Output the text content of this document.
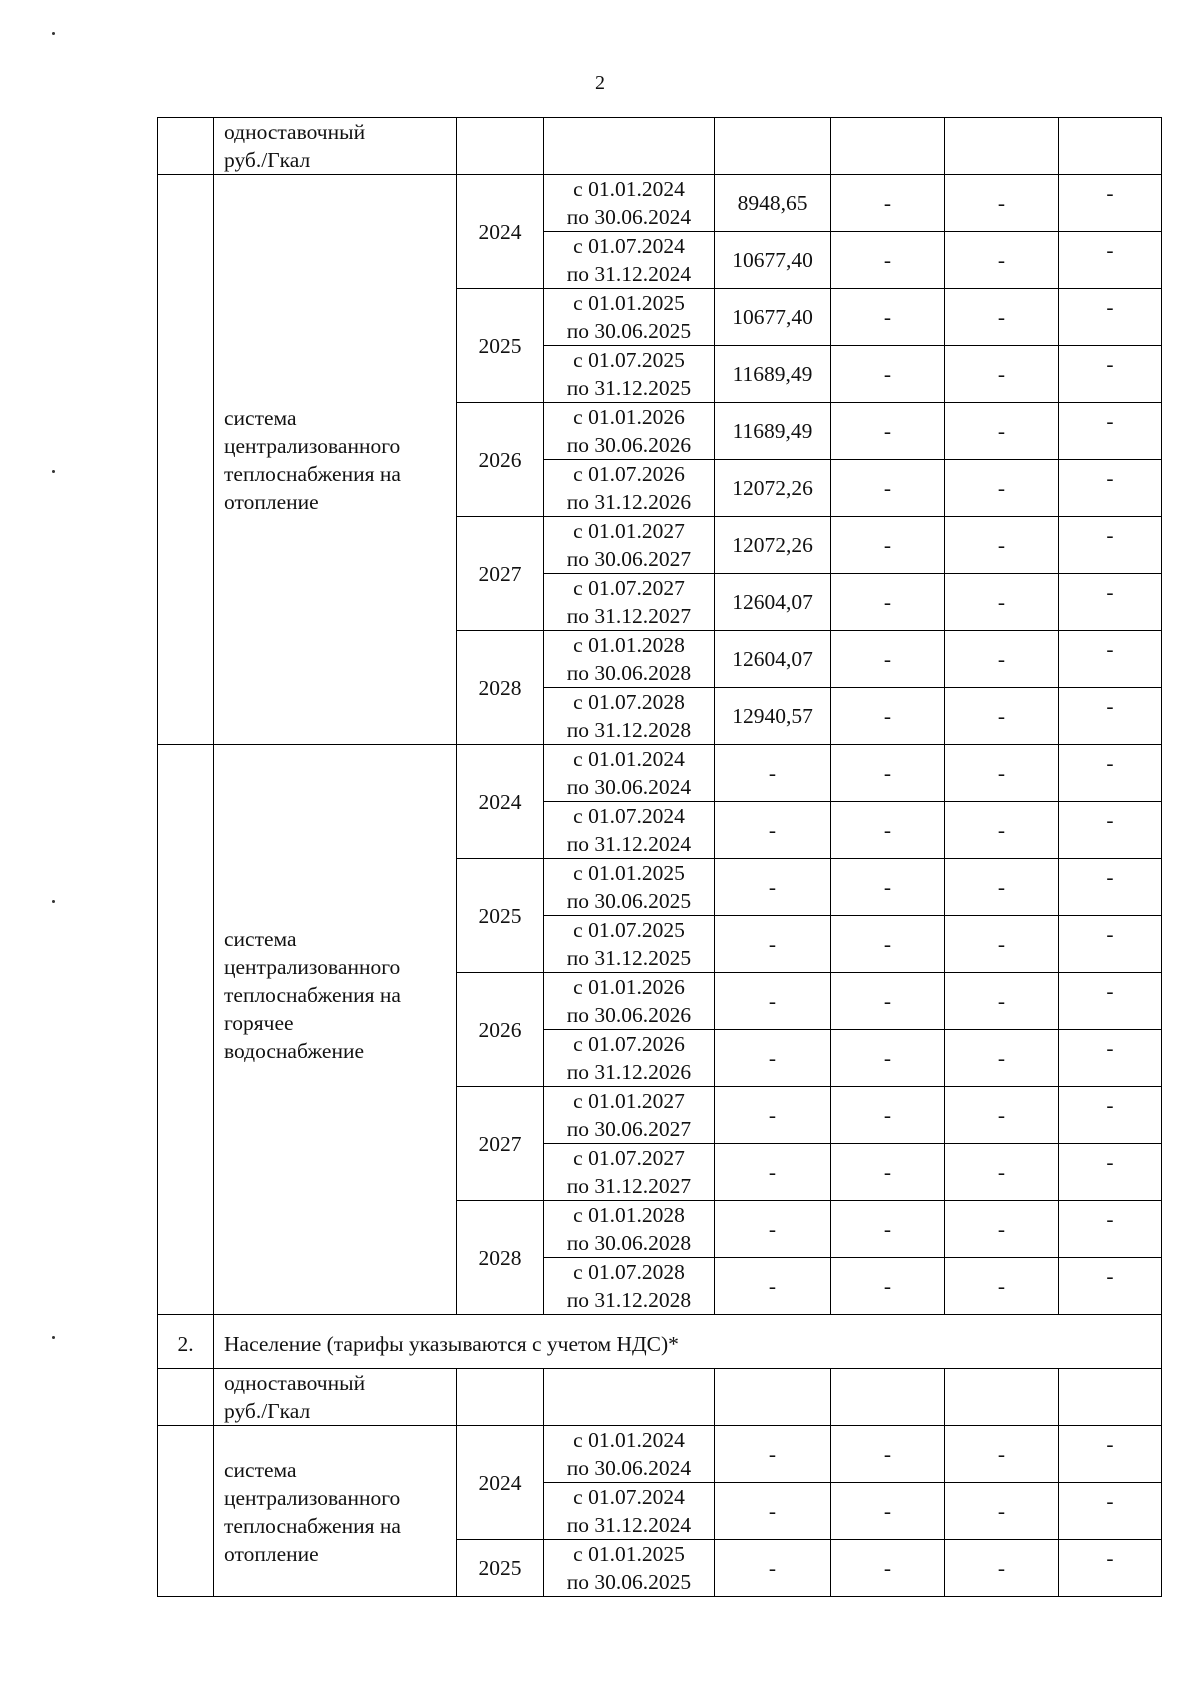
2
	одноставочный
руб./Гкал						
	система
централизованного
теплоснабжения на
отопление	2024	с 01.01.2024
по 30.06.2024	8948,65	-	-	-

			с 01.07.2024
по 31.12.2024	10677,40	-	-	-
		2025	с 01.01.2025
по 30.06.2025	10677,40	-	-	-

			с 01.07.2025
по 31.12.2025	11689,49	-	-	-
		2026	с 01.01.2026
по 30.06.2026	11689,49	-	-	-

			с 01.07.2026
по 31.12.2026	12072,26	-	-	-
		2027	с 01.01.2027
по 30.06.2027	12072,26	-	-	-

			с 01.07.2027
по 31.12.2027	12604,07	-	-	-
		2028	с 01.01.2028
по 30.06.2028	12604,07	-	-	-

			с 01.07.2028
по 31.12.2028	12940,57	-	-	-
	система
централизованного
теплоснабжения на
горячее
водоснабжение	2024	с 01.01.2024
по 30.06.2024	-	-	-	-

			с 01.07.2024
по 31.12.2024	-	-	-	-
		2025	с 01.01.2025
по 30.06.2025	-	-	-	-

			с 01.07.2025
по 31.12.2025	-	-	-	-
		2026	с 01.01.2026
по 30.06.2026	-	-	-	-

			с 01.07.2026
по 31.12.2026	-	-	-	-
		2027	с 01.01.2027
по 30.06.2027	-	-	-	-

			с 01.07.2027
по 31.12.2027	-	-	-	-
		2028	с 01.01.2028
по 30.06.2028	-	-	-	-

			с 01.07.2028
по 31.12.2028	-	-	-	-
2.	Население (тарифы указываются с учетом НДС)*						
	одноставочный
руб./Гкал						
	система
централизованного
теплоснабжения на
отопление	2024	с 01.01.2024
по 30.06.2024	-	-	-	-

			с 01.07.2024
по 31.12.2024	-	-	-	-
		2025	с 01.01.2025
по 30.06.2025	-	-	-	-
